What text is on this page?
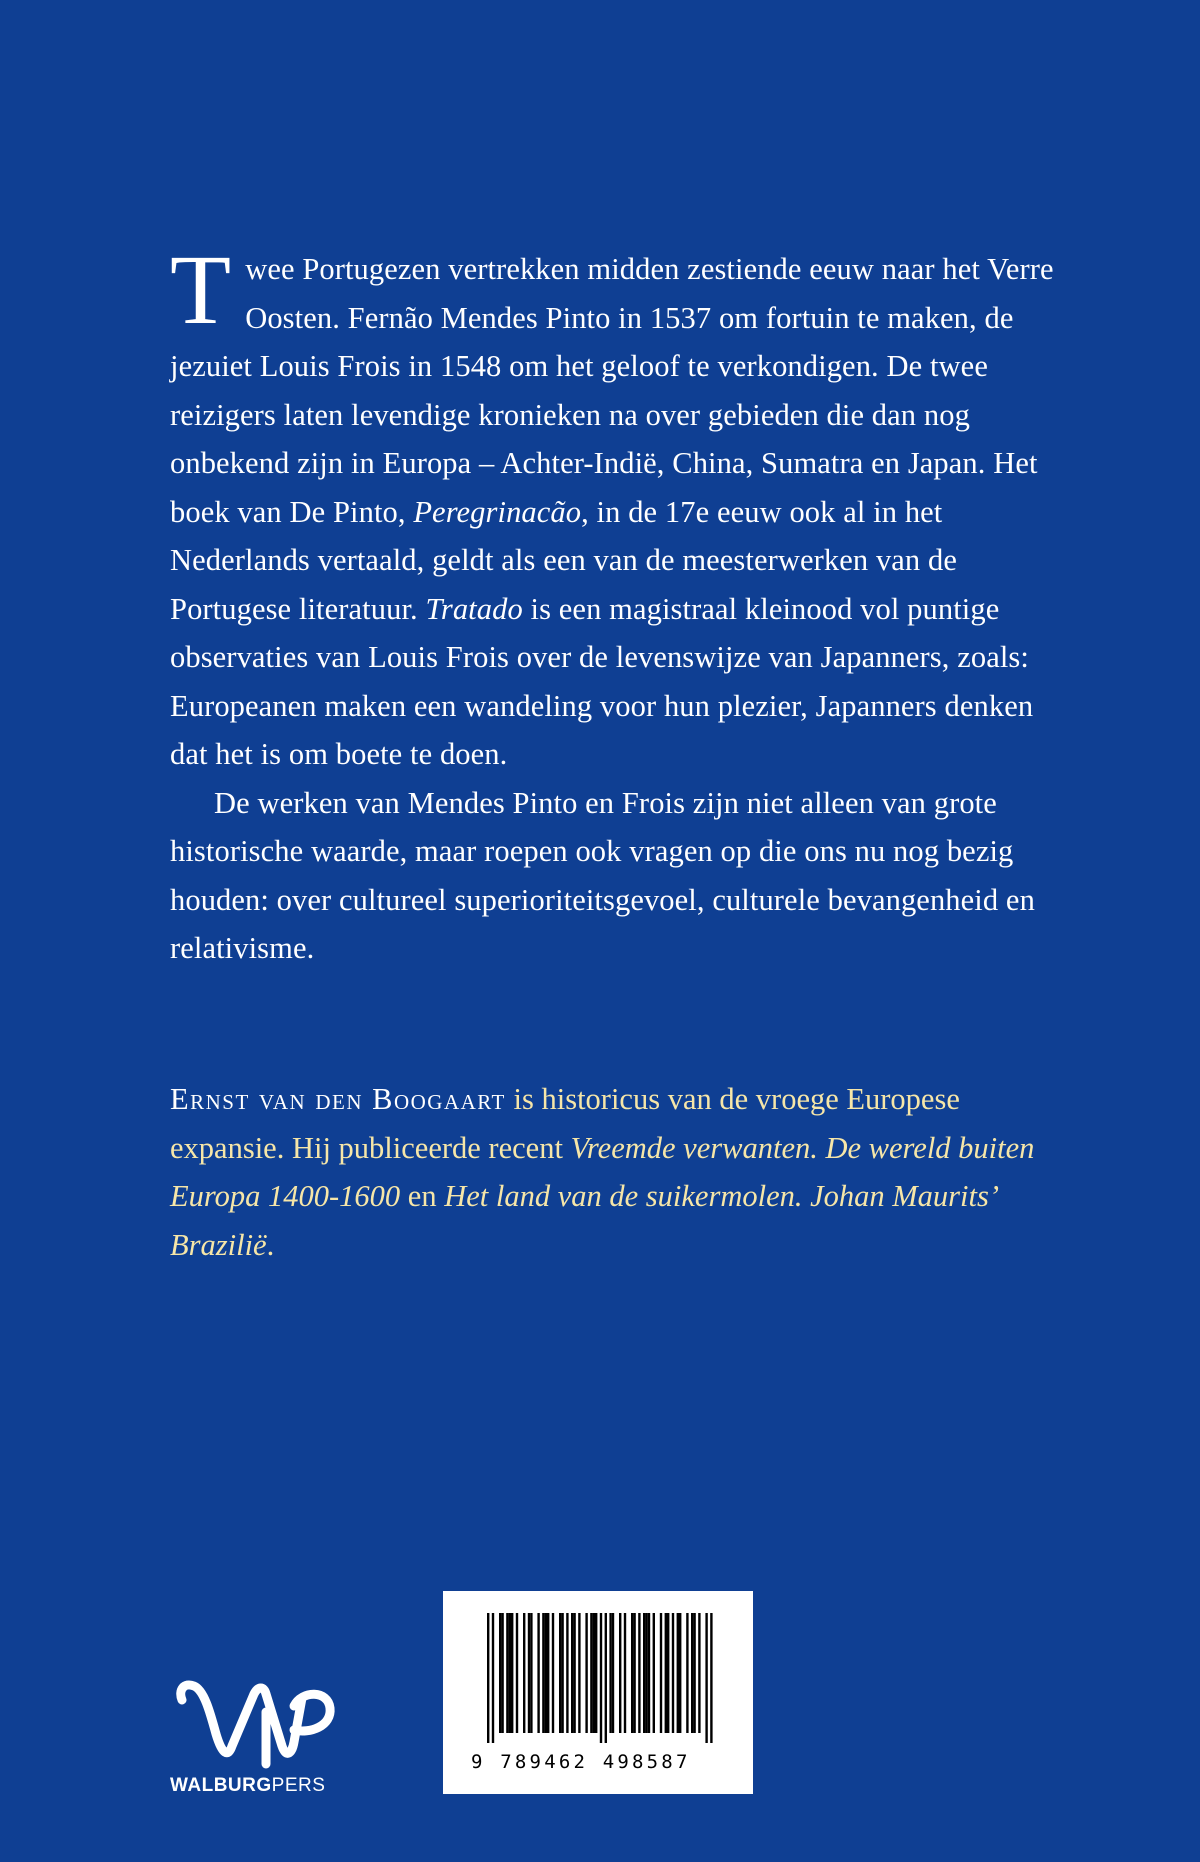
Twee Portugezen vertrekken midden zestiende eeuw naar het Verre Oosten. Fernão Mendes Pinto in 1537 om fortuin te maken, de jezuiet Louis Frois in 1548 om het geloof te verkondigen. De twee reizigers laten levendige kronieken na over gebieden die dan nog onbekend zijn in Europa – Achter-Indië, China, Sumatra en Japan. Het boek van De Pinto, Peregrinacão, in de 17e eeuw ook al in het Nederlands vertaald, geldt als een van de meesterwerken van de Portugese literatuur. Tratado is een magistraal kleinood vol puntige observaties van Louis Frois over de levenswijze van Japanners, zoals: Europeanen maken een wandeling voor hun plezier, Japanners denken dat het is om boete te doen.

De werken van Mendes Pinto en Frois zijn niet alleen van grote historische waarde, maar roepen ook vragen op die ons nu nog bezig houden: over cultureel superioriteitsgevoel, culturele bevangenheid en relativisme.

Ernst van den Boogaart is historicus van de vroege Europese expansie. Hij publiceerde recent Vreemde verwanten. De wereld buiten Europa 1400-1600 en Het land van de suikermolen. Johan Maurits’ Brazilië.

WALBURGPERS
9 789462 498587
